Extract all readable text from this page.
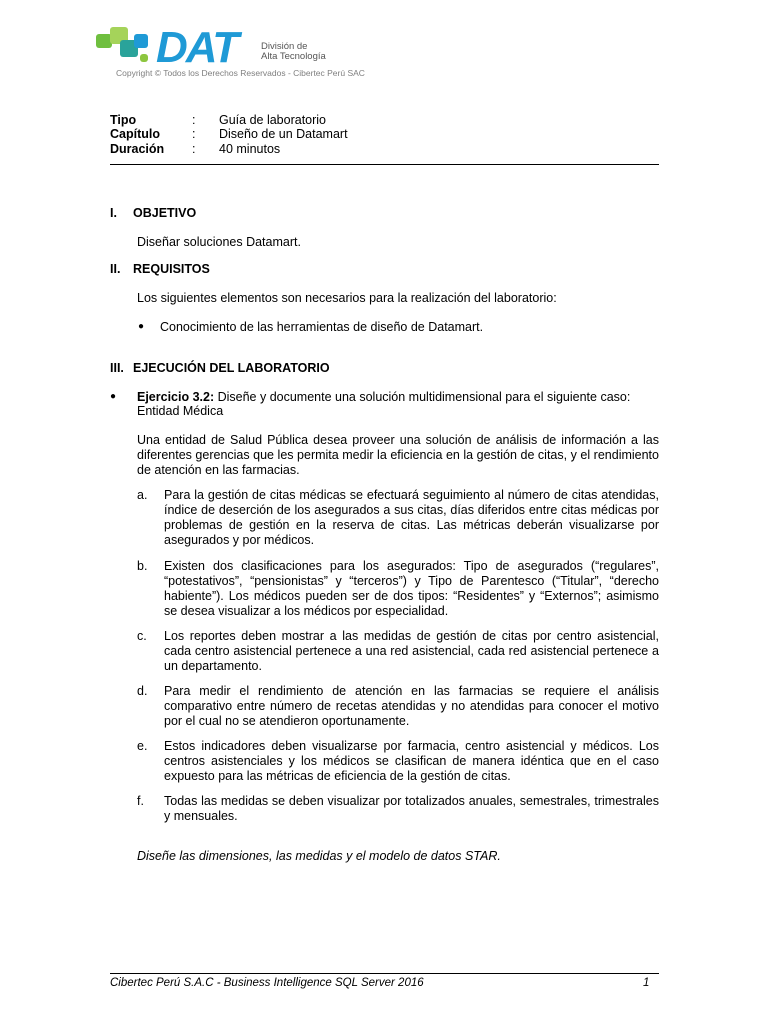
DAT	División de
Alta Tecnología
Copyright © Todos los Derechos Reservados - Cibertec Perú SAC
Tipo	: Guía de laboratorio
Capítulo	: Diseño de un Datamart
Duración	: 40 minutos
I. OBJETIVO
Diseñar soluciones Datamart.
II. REQUISITOS
Los siguientes elementos son necesarios para la realización del laboratorio:
● Conocimiento de las herramientas de diseño de Datamart.
III. EJECUCIÓN DEL LABORATORIO
● Ejercicio 3.2: Diseñe y documente una solución multidimensional para el siguiente caso:
Entidad Médica
Una entidad de Salud Pública desea proveer una solución de análisis de información a las diferentes gerencias que les permita medir la eficiencia en la gestión de citas, y el rendimiento de atención en las farmacias.
a. Para la gestión de citas médicas se efectuará seguimiento al número de citas atendidas, índice de deserción de los asegurados a sus citas, días diferidos entre citas médicas por problemas de gestión en la reserva de citas. Las métricas deberán visualizarse por asegurados y por médicos.
b. Existen dos clasificaciones para los asegurados: Tipo de asegurados (“regulares”, “potestativos”, “pensionistas” y “terceros”) y Tipo de Parentesco (“Titular”, “derecho habiente”). Los médicos pueden ser de dos tipos: “Residentes” y “Externos”; asimismo se desea visualizar a los médicos por especialidad.
c. Los reportes deben mostrar a las medidas de gestión de citas por centro asistencial, cada centro asistencial pertenece a una red asistencial, cada red asistencial pertenece a un departamento.
d. Para medir el rendimiento de atención en las farmacias se requiere el análisis comparativo entre número de recetas atendidas y no atendidas para conocer el motivo por el cual no se atendieron oportunamente.
e. Estos indicadores deben visualizarse por farmacia, centro asistencial y médicos. Los centros asistenciales y los médicos se clasifican de manera idéntica que en el caso expuesto para las métricas de eficiencia de la gestión de citas.
f. Todas las medidas se deben visualizar por totalizados anuales, semestrales, trimestrales y mensuales.
Diseñe las dimensiones, las medidas y el modelo de datos STAR.
Cibertec Perú S.A.C - Business Intelligence SQL Server 2016	1
